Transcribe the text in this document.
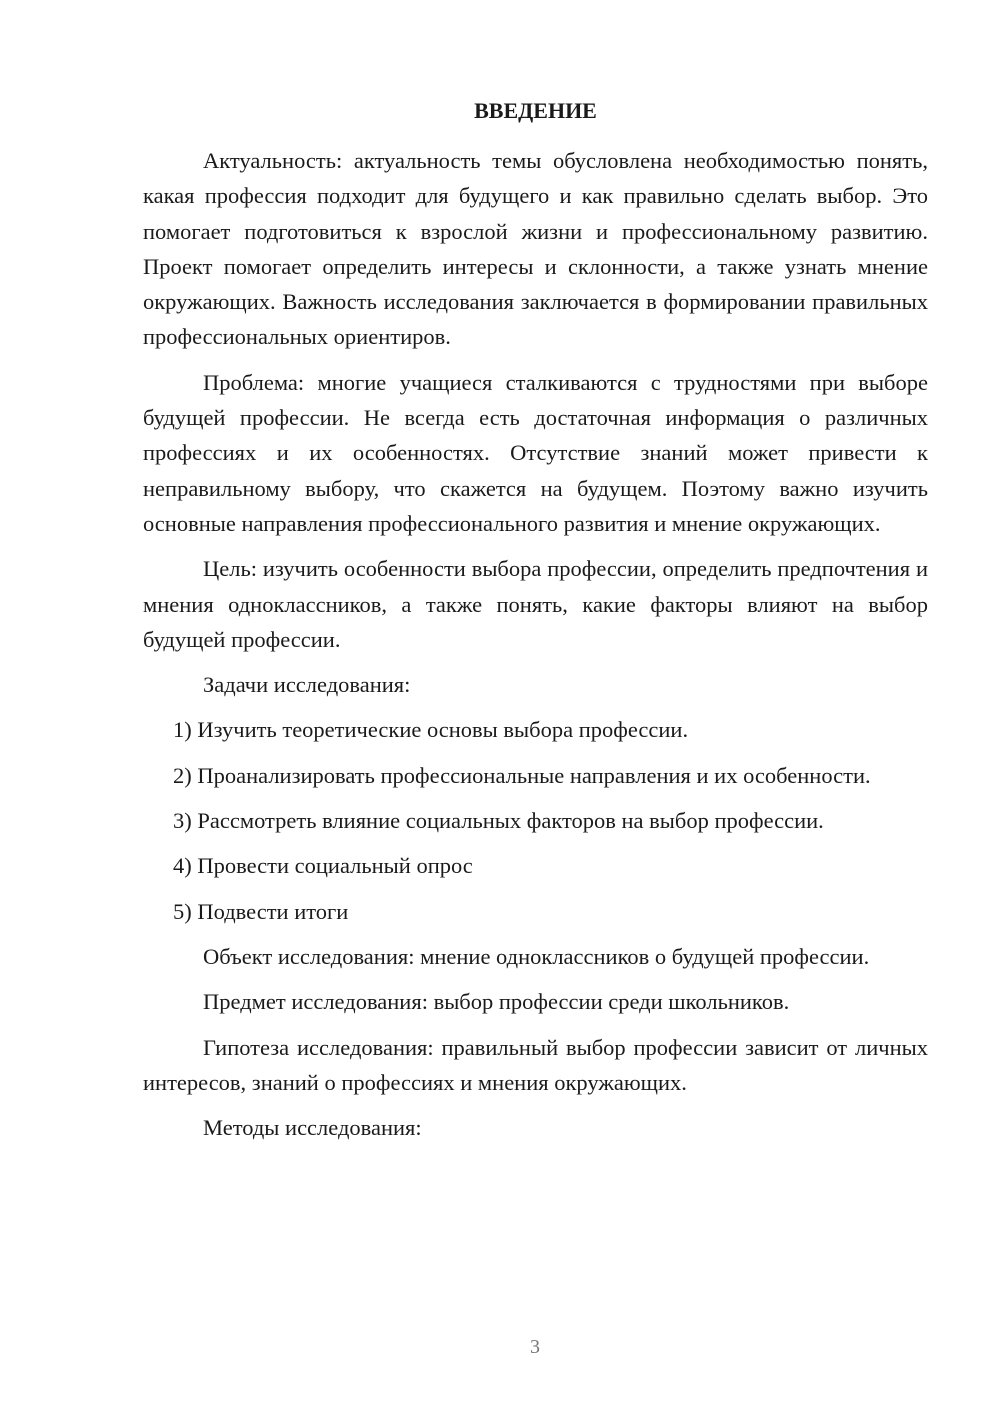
ВВЕДЕНИЕ

Актуальность: актуальность темы обусловлена необходимостью понять, какая профессия подходит для будущего и как правильно сделать выбор. Это помогает подготовиться к взрослой жизни и профессиональному развитию. Проект помогает определить интересы и склонности, а также узнать мнение окружающих. Важность исследования заключается в формировании правильных профессиональных ориентиров.

Проблема: многие учащиеся сталкиваются с трудностями при выборе будущей профессии. Не всегда есть достаточная информация о различных профессиях и их особенностях. Отсутствие знаний может привести к неправильному выбору, что скажется на будущем. Поэтому важно изучить основные направления профессионального развития и мнение окружающих.

Цель: изучить особенности выбора профессии, определить предпочтения и мнения одноклассников, а также понять, какие факторы влияют на выбор будущей профессии.

Задачи исследования:

1) Изучить теоретические основы выбора профессии.

2) Проанализировать профессиональные направления и их особенности.

3) Рассмотреть влияние социальных факторов на выбор профессии.

4) Провести социальный опрос

5) Подвести итоги

Объект исследования: мнение одноклассников о будущей профессии.

Предмет исследования: выбор профессии среди школьников.

Гипотеза исследования: правильный выбор профессии зависит от личных интересов, знаний о профессиях и мнения окружающих.

Методы исследования:

3
